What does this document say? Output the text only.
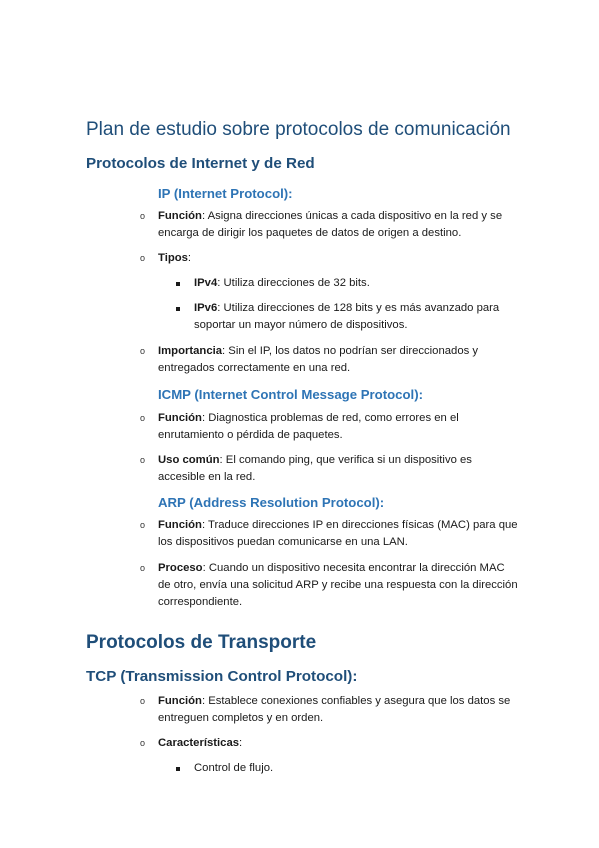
Plan de estudio sobre protocolos de comunicación
Protocolos de Internet y de Red
IP (Internet Protocol):
o Función: Asigna direcciones únicas a cada dispositivo en la red y se encarga de dirigir los paquetes de datos de origen a destino.
o Tipos:
IPv4: Utiliza direcciones de 32 bits.
IPv6: Utiliza direcciones de 128 bits y es más avanzado para soportar un mayor número de dispositivos.
o Importancia: Sin el IP, los datos no podrían ser direccionados y entregados correctamente en una red.
ICMP (Internet Control Message Protocol):
o Función: Diagnostica problemas de red, como errores en el enrutamiento o pérdida de paquetes.
o Uso común: El comando ping, que verifica si un dispositivo es accesible en la red.
ARP (Address Resolution Protocol):
o Función: Traduce direcciones IP en direcciones físicas (MAC) para que los dispositivos puedan comunicarse en una LAN.
o Proceso: Cuando un dispositivo necesita encontrar la dirección MAC de otro, envía una solicitud ARP y recibe una respuesta con la dirección correspondiente.
Protocolos de Transporte
TCP (Transmission Control Protocol):
o Función: Establece conexiones confiables y asegura que los datos se entreguen completos y en orden.
o Características:
Control de flujo.
